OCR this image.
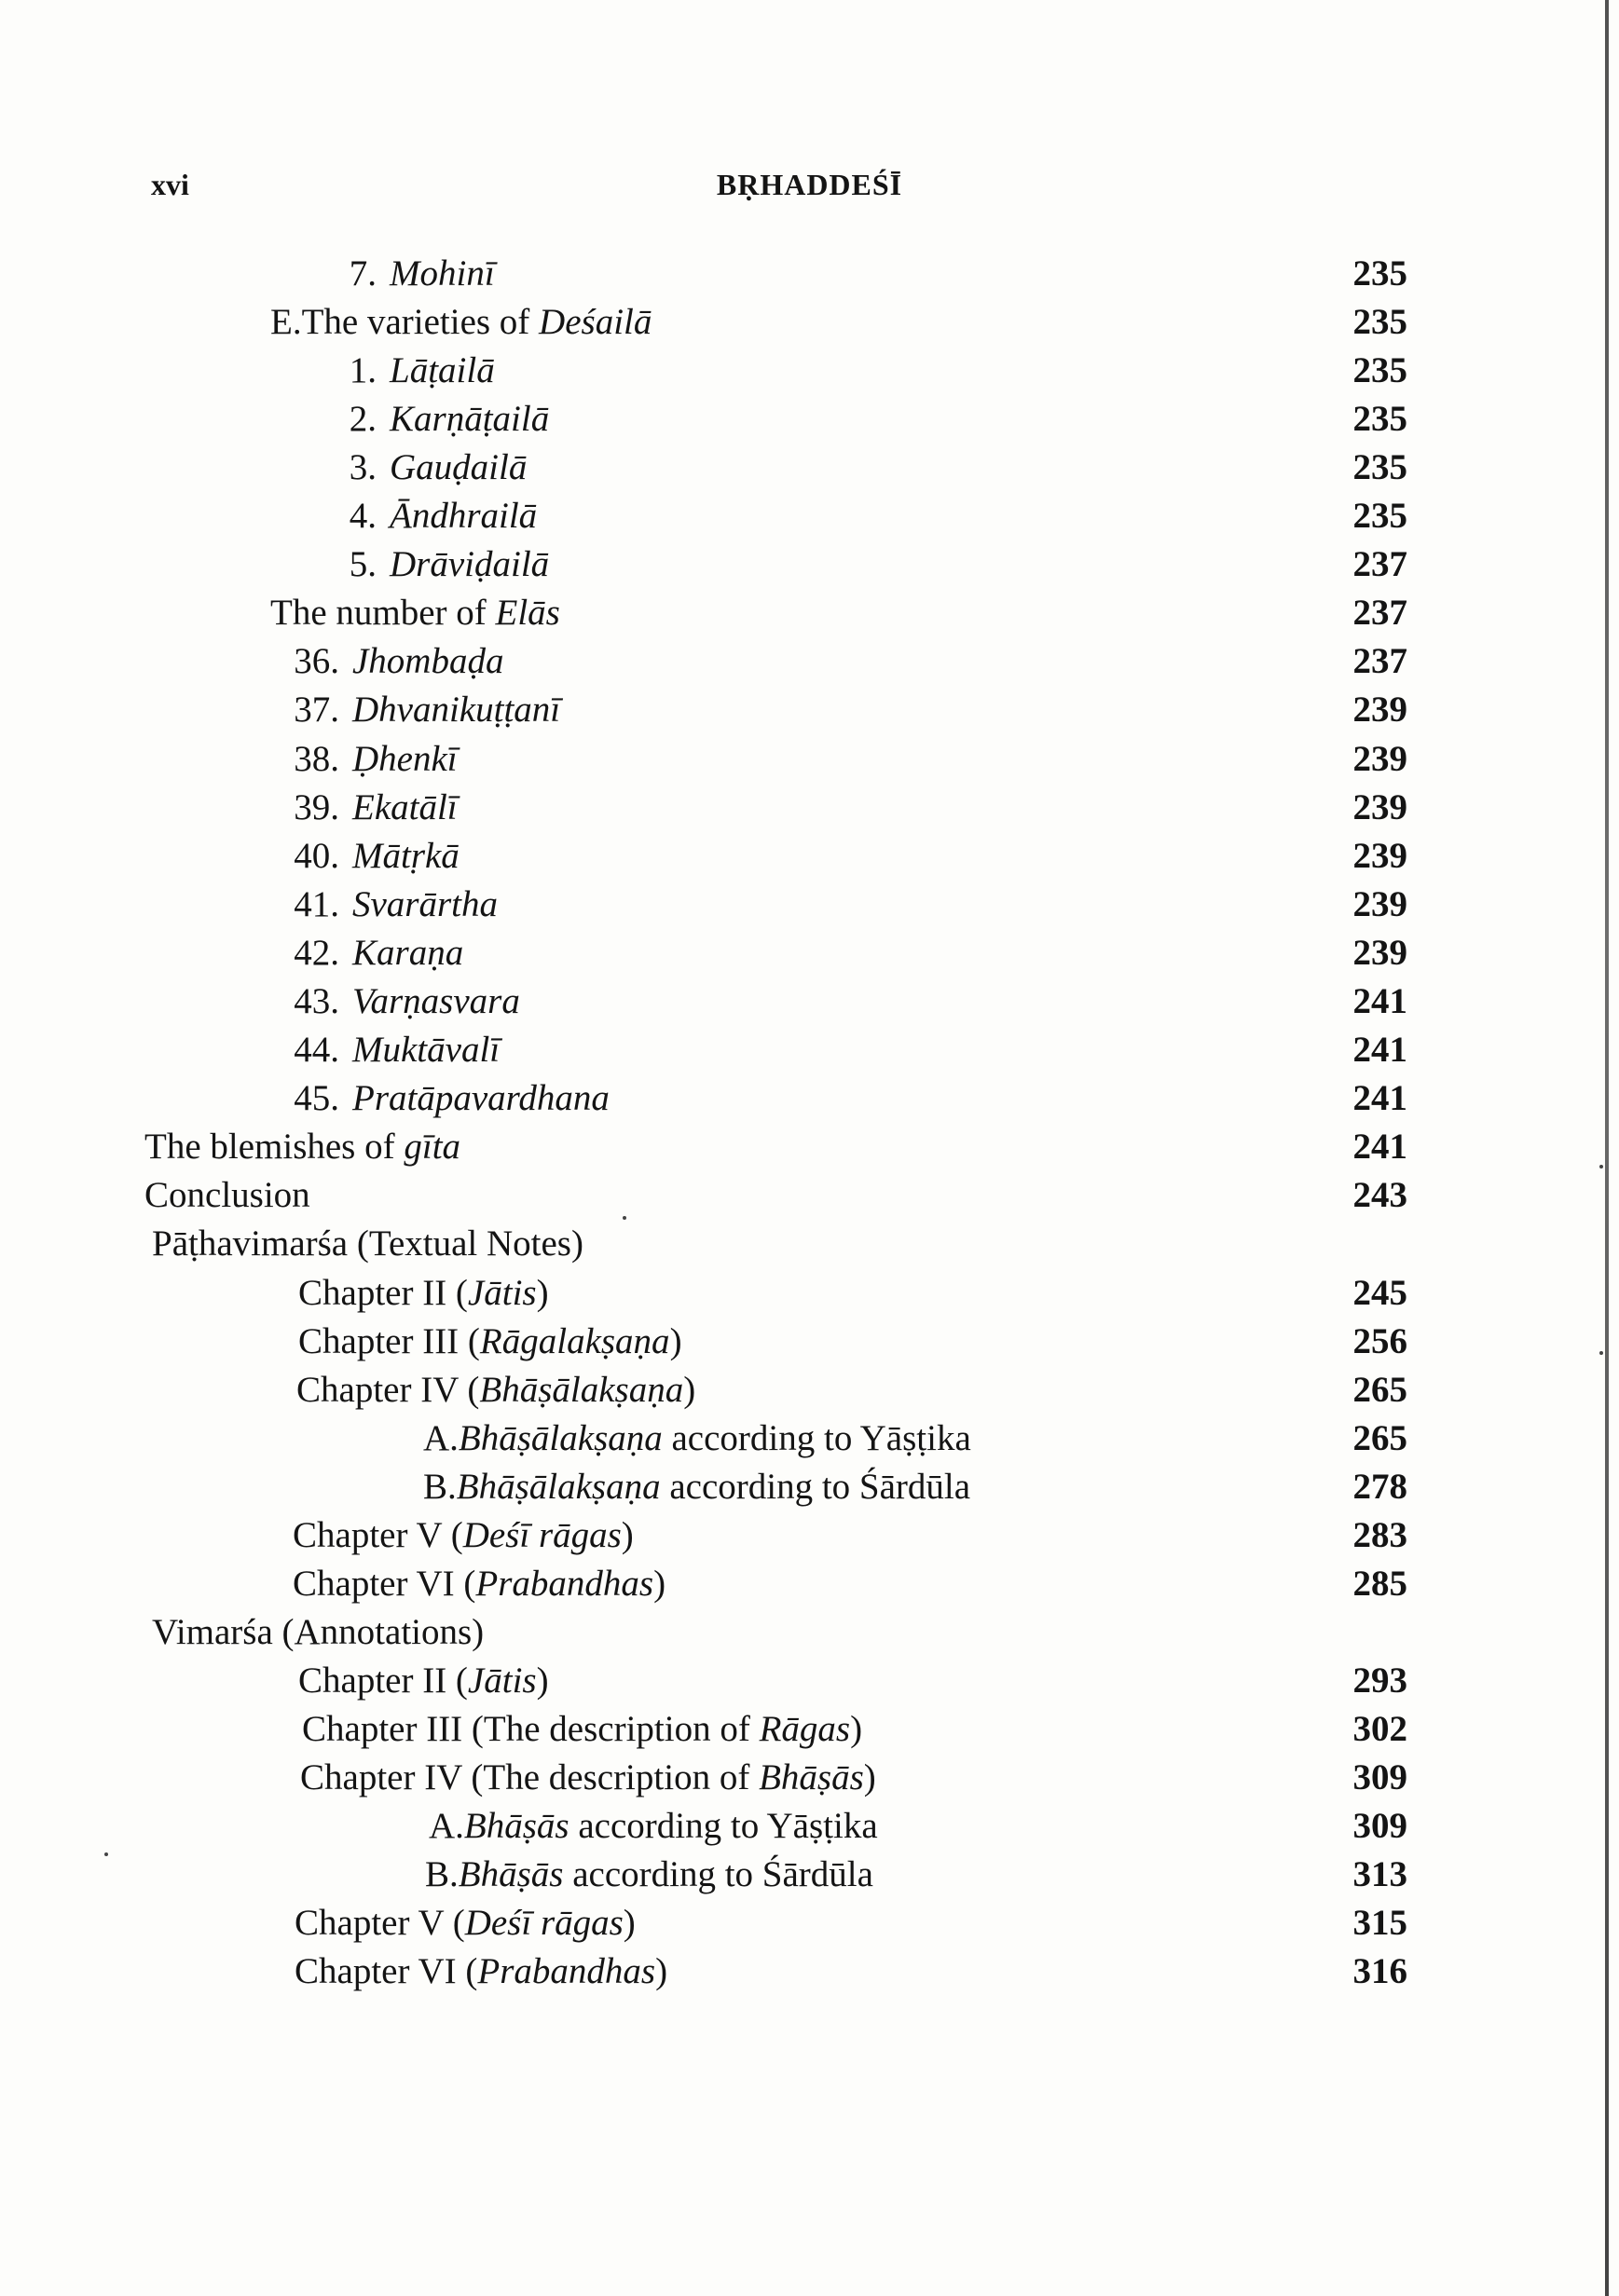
xvi	BṚHADDEŚĪ
7. Mohinī	235
E.The varieties of Deśailā	235
1. Lāṭailā	235
2. Karṇāṭailā	235
3. Gauḍailā	235
4. Āndhrailā	235
5. Drāviḍailā	237
The number of Elās	237
36. Jhombaḍa	237
37. Dhvanikuṭṭanī	239
38. Ḍhenkī	239
39. Ekatālī	239
40. Mātṛkā	239
41. Svarārtha	239
42. Karaṇa	239
43. Varṇasvara	241
44. Muktāvalī	241
45. Pratāpavardhana	241
The blemishes of gīta	241
Conclusion	243
Pāṭhavimarśa (Textual Notes)
Chapter II (Jātis)	245
Chapter III (Rāgalakṣaṇa)	256
Chapter IV (Bhāṣālakṣaṇa)	265
A.Bhāṣālakṣaṇa according to Yāṣṭika	265
B.Bhāṣālakṣaṇa according to Śārdūla	278
Chapter V (Deśī rāgas)	283
Chapter VI (Prabandhas)	285
Vimarśa (Annotations)
Chapter II (Jātis)	293
Chapter III (The description of Rāgas)	302
Chapter IV (The description of Bhāṣās)	309
A.Bhāṣās according to Yāṣṭika	309
B.Bhāṣās according to Śārdūla	313
Chapter V (Deśī rāgas)	315
Chapter VI (Prabandhas)	316
